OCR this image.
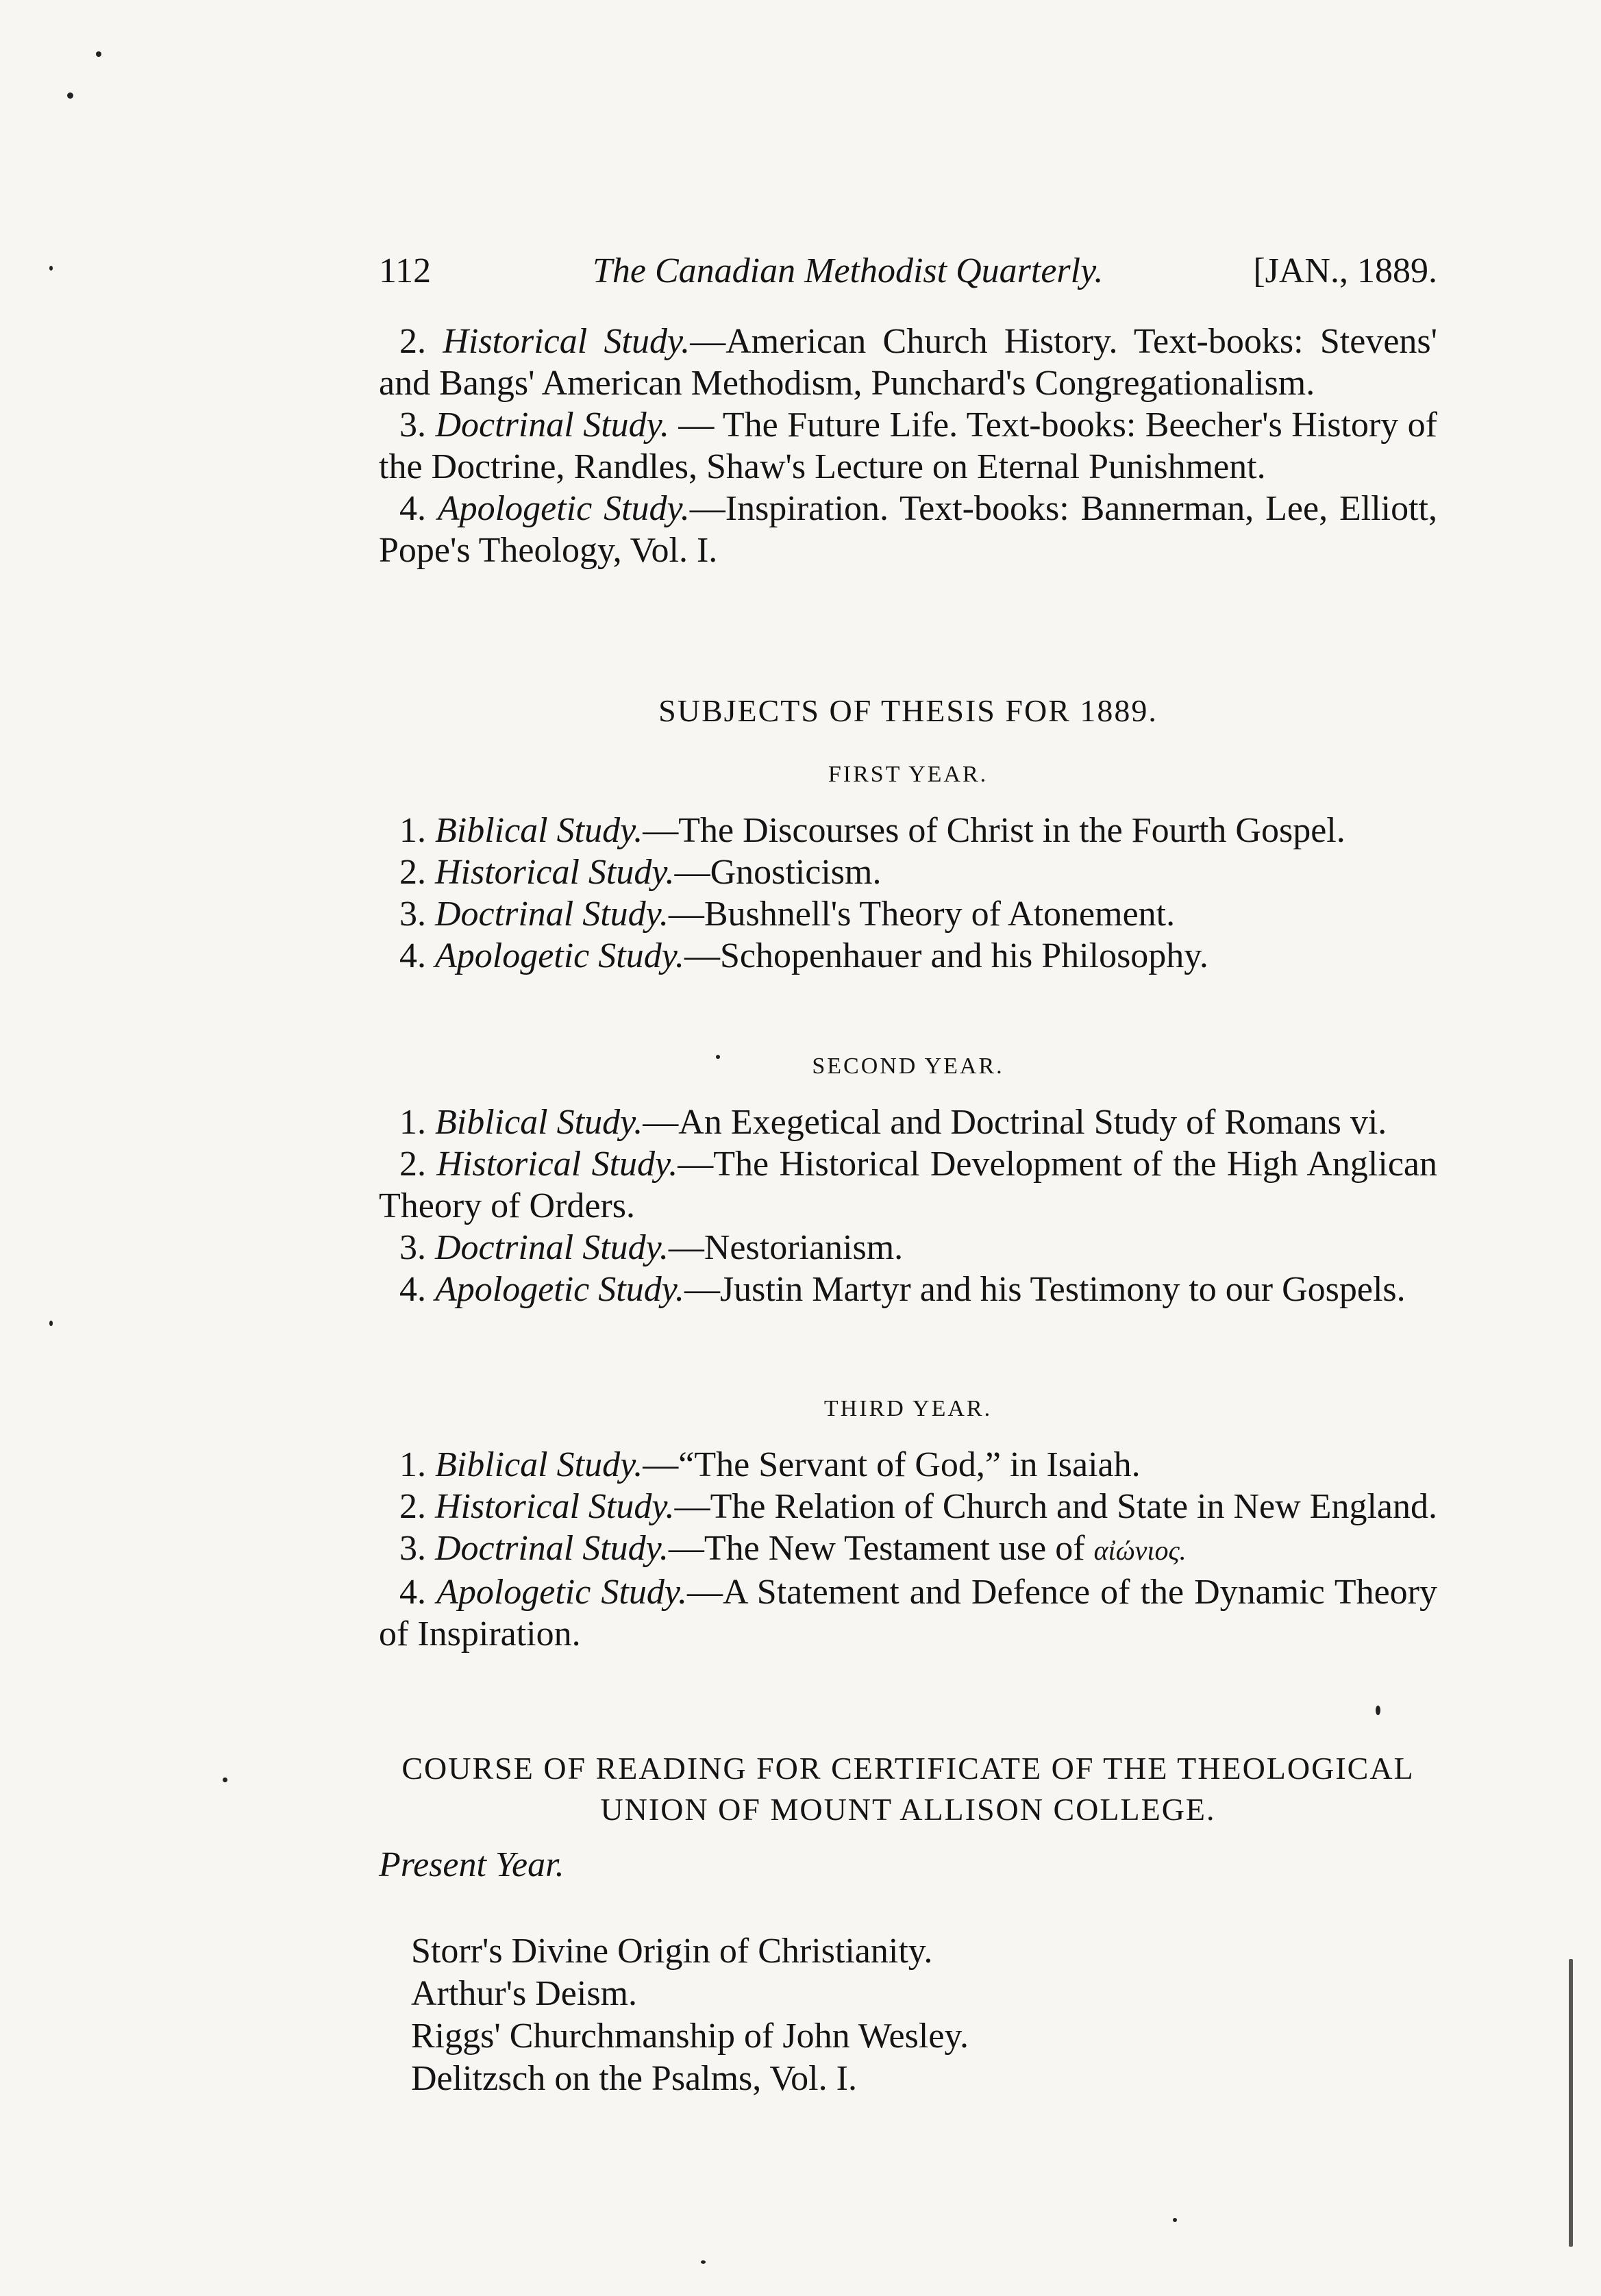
112	The Canadian Methodist Quarterly.	[JAN., 1889.

2. Historical Study.—American Church History. Text-books: Stevens' and Bangs' American Methodism, Punchard's Congregationalism.

3. Doctrinal Study. — The Future Life. Text-books: Beecher's History of the Doctrine, Randles, Shaw's Lecture on Eternal Punishment.

4. Apologetic Study.—Inspiration. Text-books: Bannerman, Lee, Elliott, Pope's Theology, Vol. I.

SUBJECTS OF THESIS FOR 1889.

FIRST YEAR.

1. Biblical Study.—The Discourses of Christ in the Fourth Gospel.

2. Historical Study.—Gnosticism.

3. Doctrinal Study.—Bushnell's Theory of Atonement.

4. Apologetic Study.—Schopenhauer and his Philosophy.

SECOND YEAR.

1. Biblical Study.—An Exegetical and Doctrinal Study of Romans vi.

2. Historical Study.—The Historical Development of the High Anglican Theory of Orders.

3. Doctrinal Study.—Nestorianism.

4. Apologetic Study.—Justin Martyr and his Testimony to our Gospels.

THIRD YEAR.

1. Biblical Study.—“The Servant of God,” in Isaiah.

2. Historical Study.—The Relation of Church and State in New England.

3. Doctrinal Study.—The New Testament use of αἰώνιος.

4. Apologetic Study.—A Statement and Defence of the Dynamic Theory of Inspiration.

COURSE OF READING FOR CERTIFICATE OF THE THEOLOGICAL

UNION OF MOUNT ALLISON COLLEGE.

Present Year.

Storr's Divine Origin of Christianity.

Arthur's Deism.

Riggs' Churchmanship of John Wesley.

Delitzsch on the Psalms, Vol. I.
